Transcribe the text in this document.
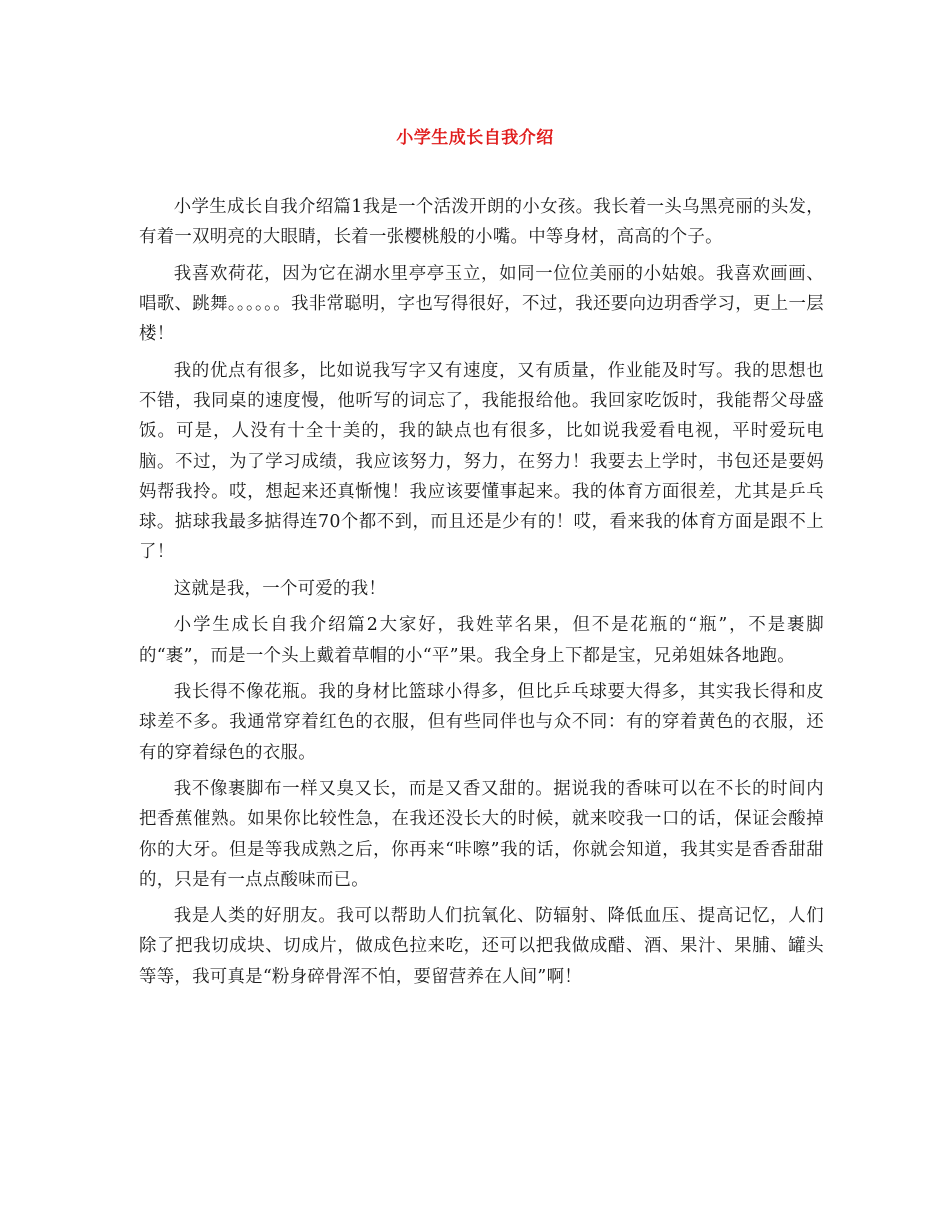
小学生成长自我介绍

小学生成长自我介绍篇1我是一个活泼开朗的小女孩。我长着一头乌黑亮丽的头发，有着一双明亮的大眼睛，长着一张樱桃般的小嘴。中等身材，高高的个子。

我喜欢荷花，因为它在湖水里亭亭玉立，如同一位位美丽的小姑娘。我喜欢画画、唱歌、跳舞。。。。。。我非常聪明，字也写得很好，不过，我还要向边玥香学习，更上一层楼！

我的优点有很多，比如说我写字又有速度，又有质量，作业能及时写。我的思想也不错，我同桌的速度慢，他听写的词忘了，我能报给他。我回家吃饭时，我能帮父母盛饭。可是，人没有十全十美的，我的缺点也有很多，比如说我爱看电视，平时爱玩电脑。不过，为了学习成绩，我应该努力，努力，在努力！我要去上学时，书包还是要妈妈帮我拎。哎，想起来还真惭愧！我应该要懂事起来。我的体育方面很差，尤其是乒乓球。掂球我最多掂得连70个都不到，而且还是少有的！哎，看来我的体育方面是跟不上了！

这就是我，一个可爱的我！

小学生成长自我介绍篇2大家好，我姓苹名果，但不是花瓶的“瓶”，不是裹脚的“裹”，而是一个头上戴着草帽的小“平”果。我全身上下都是宝，兄弟姐妹各地跑。

我长得不像花瓶。我的身材比篮球小得多，但比乒乓球要大得多，其实我长得和皮球差不多。我通常穿着红色的衣服，但有些同伴也与众不同：有的穿着黄色的衣服，还有的穿着绿色的衣服。

我不像裹脚布一样又臭又长，而是又香又甜的。据说我的香味可以在不长的时间内把香蕉催熟。如果你比较性急，在我还没长大的时候，就来咬我一口的话，保证会酸掉你的大牙。但是等我成熟之后，你再来“咔嚓”我的话，你就会知道，我其实是香香甜甜的，只是有一点点酸味而已。

我是人类的好朋友。我可以帮助人们抗氧化、防辐射、降低血压、提高记忆，人们除了把我切成块、切成片，做成色拉来吃，还可以把我做成醋、酒、果汁、果脯、罐头等等，我可真是“粉身碎骨浑不怕，要留营养在人间”啊！
